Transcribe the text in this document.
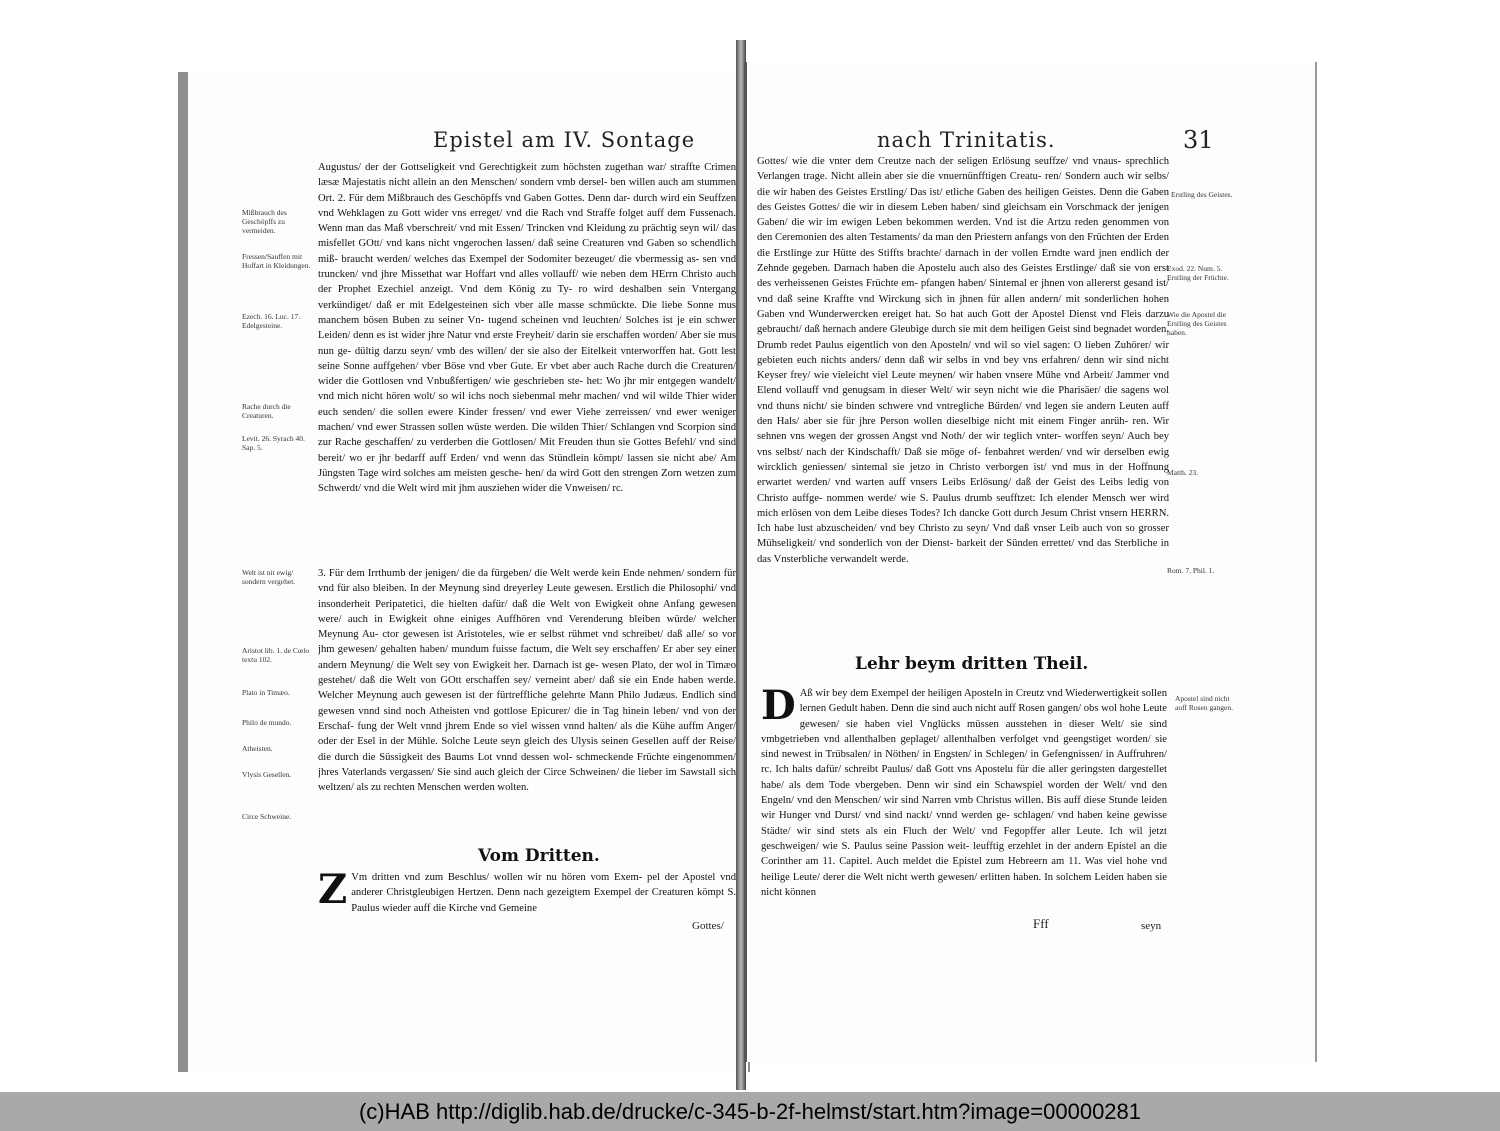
Epistel am IV. Sontage
Mißbrauch des Geschöpffs zu vermeiden.
Fressen/Sauffen mit Hoffart in Kleidungen.
Ezech. 16. Luc. 17. Edelgesteine.
Rache durch die Creaturen.
Levit. 26. Syrach 40. Sap. 5.
Welt ist nit ewig/ sondern vergehet.
Aristot lib. 1. de Cœlo textu 102.
Plato in Timæo.
Philo de mundo.
Atheisten.
Vlysis Gesellen.
Circe Schweine.
Augustus/ der der Gottseligkeit vnd Gerechtigkeit zum höchsten zugethan war/ straffte Crimen læsæ Majestatis nicht allein an den Menschen/ sondern vmb dersel- ben willen auch am stummen Ort. 2. Für dem Mißbrauch des Geschöpffs vnd Gaben Gottes. Denn dar- durch wird ein Seuffzen vnd Wehklagen zu Gott wider vns erreget/ vnd die Rach vnd Straffe folget auff dem Fussenach. Wenn man das Maß vberschreit/ vnd mit Essen/ Trincken vnd Kleidung zu prächtig seyn wil/ das misfellet GOtt/ vnd kans nicht vngerochen lassen/ daß seine Creaturen vnd Gaben so schendlich miß- braucht werden/ welches das Exempel der Sodomiter bezeuget/ die vbermessig as- sen vnd truncken/ vnd jhre Missethat war Hoffart vnd alles vollauff/ wie neben dem HErrn Christo auch der Prophet Ezechiel anzeigt. Vnd dem König zu Ty- ro wird deshalben sein Vntergang verkündiget/ daß er mit Edelgesteinen sich vber alle masse schmückte. Die liebe Sonne mus manchem bösen Buben zu seiner Vn- tugend scheinen vnd leuchten/ Solches ist je ein schwer Leiden/ denn es ist wider jhre Natur vnd erste Freyheit/ darin sie erschaffen worden/ Aber sie mus nun ge- dültig darzu seyn/ vmb des willen/ der sie also der Eitelkeit vnterworffen hat. Gott lest seine Sonne auffgehen/ vber Böse vnd vber Gute. Er vbet aber auch Rache durch die Creaturen/ wider die Gottlosen vnd Vnbußfertigen/ wie geschrieben ste- het: Wo jhr mir entgegen wandelt/ vnd mich nicht hören wolt/ so wil ichs noch siebenmal mehr machen/ vnd wil wilde Thier wider euch senden/ die sollen ewere Kinder fressen/ vnd ewer Viehe zerreissen/ vnd ewer weniger machen/ vnd ewer Strassen sollen wüste werden. Die wilden Thier/ Schlangen vnd Scorpion sind zur Rache geschaffen/ zu verderben die Gottlosen/ Mit Freuden thun sie Gottes Befehl/ vnd sind bereit/ wo er jhr bedarff auff Erden/ vnd wenn das Stündlein kömpt/ lassen sie nicht abe/ Am Jüngsten Tage wird solches am meisten gesche- hen/ da wird Gott den strengen Zorn wetzen zum Schwerdt/ vnd die Welt wird mit jhm ausziehen wider die Vnweisen/ rc.
3. Für dem Irrthumb der jenigen/ die da fürgeben/ die Welt werde kein Ende nehmen/ sondern für vnd für also bleiben. In der Meynung sind dreyerley Leute gewesen. Erstlich die Philosophi/ vnd insonderheit Peripatetici, die hielten dafür/ daß die Welt von Ewigkeit ohne Anfang gewesen were/ auch in Ewigkeit ohne einiges Auffhören vnd Verenderung bleiben würde/ welcher Meynung Au- ctor gewesen ist Aristoteles, wie er selbst rühmet vnd schreibet/ daß alle/ so vor jhm gewesen/ gehalten haben/ mundum fuisse factum, die Welt sey erschaffen/ Er aber sey einer andern Meynung/ die Welt sey von Ewigkeit her. Darnach ist ge- wesen Plato, der wol in Timæo gestehet/ daß die Welt von GOtt erschaffen sey/ verneint aber/ daß sie ein Ende haben werde. Welcher Meynung auch gewesen ist der fürtreffliche gelehrte Mann Philo Judæus. Endlich sind gewesen vnnd sind noch Atheisten vnd gottlose Epicurer/ die in Tag hinein leben/ vnd von der Erschaf- fung der Welt vnnd jhrem Ende so viel wissen vnnd halten/ als die Kühe auffm Anger/ oder der Esel in der Mühle. Solche Leute seyn gleich des Ulysis seinen Gesellen auff der Reise/ die durch die Süssigkeit des Baums Lot vnnd dessen wol- schmeckende Früchte eingenommen/ jhres Vaterlands vergassen/ Sie sind auch gleich der Circe Schweinen/ die lieber im Sawstall sich weltzen/ als zu rechten Menschen werden wolten.
Vom Dritten.
Z Vm dritten vnd zum Beschlus/ wollen wir nu hören vom Exem- pel der Apostel vnd anderer Christgleubigen Hertzen. Denn nach gezeigtem Exempel der Creaturen kömpt S. Paulus wieder auff die Kirche vnd Gemeine
Gottes/
nach Trinitatis.	31
Gottes/ wie die vnter dem Creutze nach der seligen Erlösung seuffze/ vnd vnaus- sprechlich Verlangen trage. Nicht allein aber sie die vnuernünfftigen Creatu- ren/ Sondern auch wir selbs/ die wir haben des Geistes Erstling/ Das ist/ etliche Gaben des heiligen Geistes. Denn die Gaben des Geistes Gottes/ die wir in diesem Leben haben/ sind gleichsam ein Vorschmack der jenigen Gaben/ die wir im ewigen Leben bekommen werden. Vnd ist die Artzu reden genommen von den Ceremonien des alten Testaments/ da man den Priestern anfangs von den Früchten der Erden die Erstlinge zur Hütte des Stiffts brachte/ darnach in der vollen Erndte ward jnen endlich der Zehnde gegeben. Darnach haben die Apostelu auch also des Geistes Erstlinge/ daß sie von erst des verheissenen Geistes Früchte em- pfangen haben/ Sintemal er jhnen von allererst gesand ist/ vnd daß seine Kraffte vnd Wirckung sich in jhnen für allen andern/ mit sonderlichen hohen Gaben vnd Wunderwercken ereiget hat. So hat auch Gott der Apostel Dienst vnd Fleis darzu gebraucht/ daß hernach andere Gleubige durch sie mit dem heiligen Geist sind begnadet worden. Drumb redet Paulus eigentlich von den Aposteln/ vnd wil so viel sagen: O lieben Zuhörer/ wir gebieten euch nichts anders/ denn daß wir selbs in vnd bey vns erfahren/ denn wir sind nicht Keyser frey/ wie vieleicht viel Leute meynen/ wir haben vnsere Mühe vnd Arbeit/ Jammer vnd Elend vollauff vnd genugsam in dieser Welt/ wir seyn nicht wie die Pharisäer/ die sagens wol vnd thuns nicht/ sie binden schwere vnd vntregliche Bürden/ vnd legen sie andern Leuten auff den Hals/ aber sie für jhre Person wollen dieselbige nicht mit einem Finger anrüh- ren. Wir sehnen vns wegen der grossen Angst vnd Noth/ der wir teglich vnter- worffen seyn/ Auch bey vns selbst/ nach der Kindschafft/ Daß sie möge of- fenbahret werden/ vnd wir derselben ewig wircklich geniessen/ sintemal sie jetzo in Christo verborgen ist/ vnd mus in der Hoffnung erwartet werden/ vnd warten auff vnsers Leibs Erlösung/ daß der Geist des Leibs ledig von Christo auffge- nommen werde/ wie S. Paulus drumb seufftzet: Ich elender Mensch wer wird mich erlösen von dem Leibe dieses Todes? Ich dancke Gott durch Jesum Christ vnsern HERRN. Ich habe lust abzuscheiden/ vnd bey Christo zu seyn/ Vnd daß vnser Leib auch von so grosser Mühseligkeit/ vnd sonderlich von der Dienst- barkeit der Sünden errettet/ vnd das Sterbliche in das Vnsterbliche verwandelt werde.
Erstling des Geistes.
Exod. 22. Num. 5. Erstling der Früchte.
Wie die Apostel die Erstling des Geistes haben.
Matth. 23.
Rom. 7. Phil. 1.
Apostel sind nicht auff Rosen gangen.
Lehr beym dritten Theil.
D Aß wir bey dem Exempel der heiligen Aposteln in Creutz vnd Wiederwertigkeit sollen lernen Gedult haben. Denn die sind auch nicht auff Rosen gangen/ obs wol hohe Leute gewesen/ sie haben viel Vnglücks müssen ausstehen in dieser Welt/ sie sind vmbgetrieben vnd allenthalben geplaget/ allenthalben verfolget vnd geengstiget worden/ sie sind newest in Trübsalen/ in Nöthen/ in Engsten/ in Schlegen/ in Gefengnissen/ in Auffruhren/ rc. Ich halts dafür/ schreibt Paulus/ daß Gott vns Apostelu für die aller geringsten dargestellet habe/ als dem Tode vbergeben. Denn wir sind ein Schawspiel worden der Welt/ vnd den Engeln/ vnd den Menschen/ wir sind Narren vmb Christus willen. Bis auff diese Stunde leiden wir Hunger vnd Durst/ vnd sind nackt/ vnnd werden ge- schlagen/ vnd haben keine gewisse Städte/ wir sind stets als ein Fluch der Welt/ vnd Fegopffer aller Leute. Ich wil jetzt geschweigen/ wie S. Paulus seine Passion weit- leufftig erzehlet in der andern Epistel an die Corinther am 11. Capitel. Auch meldet die Epistel zum Hebreern am 11. Was viel hohe vnd heilige Leute/ derer die Welt nicht werth gewesen/ erlitten haben. In solchem Leiden haben sie nicht können
Fff	seyn
(c)HAB http://diglib.hab.de/drucke/c-345-b-2f-helmst/start.htm?image=00000281
